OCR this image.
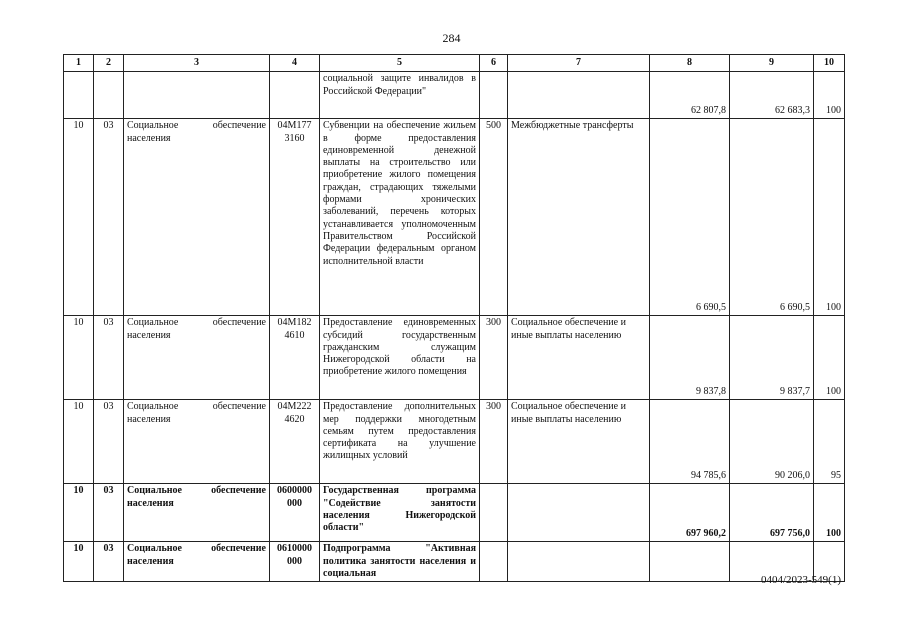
284
1	2	3	4	5	6	7	8	9	10
				социальной защите инвалидов в Российской Федерации"			62 807,8	62 683,3	100
10	03	Социальное обеспечение населения	04М177 3160	Субвенции на обеспечение жильем в форме предоставления единовременной денежной выплаты на строительство или приобретение жилого помещения граждан, страдающих тяжелыми формами хронических заболеваний, перечень которых устанавливается уполномоченным Правительством Российской Федерации федеральным органом исполнительной власти	500	Межбюджетные трансферты	6 690,5	6 690,5	100
10	03	Социальное обеспечение населения	04М182 4610	Предоставление единовременных субсидий государственным гражданским служащим Нижегородской области на приобретение жилого помещения	300	Социальное обеспечение и иные выплаты населению	9 837,8	9 837,7	100
10	03	Социальное обеспечение населения	04М222 4620	Предоставление дополнительных мер поддержки многодетным семьям путем предоставления сертификата на улучшение жилищных условий	300	Социальное обеспечение и иные выплаты населению	94 785,6	90 206,0	95
10	03	Социальное обеспечение населения	0600000 000	Государственная программа "Содействие занятости населения Нижегородской области"			697 960,2	697 756,0	100
10	03	Социальное обеспечение населения	0610000 000	Подпрограмма "Активная политика занятости населения и социальная					
0404/2023-549(1)
